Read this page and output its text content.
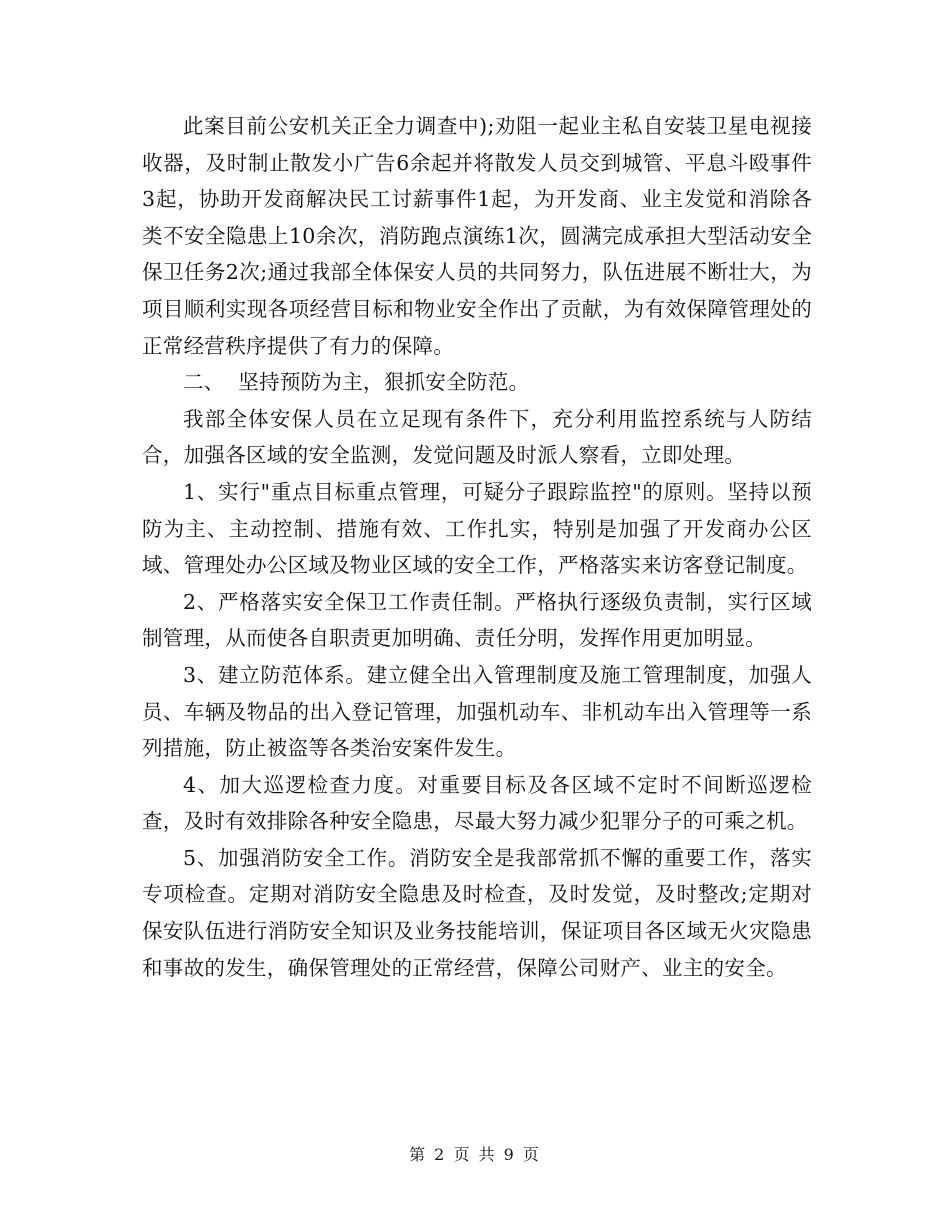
此案目前公安机关正全力调查中);劝阻一起业主私自安装卫星电视接收器，及时制止散发小广告6余起并将散发人员交到城管、平息斗殴事件3起，协助开发商解决民工讨薪事件1起，为开发商、业主发觉和消除各类不安全隐患上10余次，消防跑点演练1次，圆满完成承担大型活动安全保卫任务2次;通过我部全体保安人员的共同努力，队伍进展不断壮大，为项目顺利实现各项经营目标和物业安全作出了贡献，为有效保障管理处的正常经营秩序提供了有力的保障。

二、  坚持预防为主，狠抓安全防范。

我部全体安保人员在立足现有条件下，充分利用监控系统与人防结合，加强各区域的安全监测，发觉问题及时派人察看，立即处理。

1、实行"重点目标重点管理，可疑分子跟踪监控"的原则。坚持以预防为主、主动控制、措施有效、工作扎实，特别是加强了开发商办公区域、管理处办公区域及物业区域的安全工作，严格落实来访客登记制度。

2、严格落实安全保卫工作责任制。严格执行逐级负责制，实行区域制管理，从而使各自职责更加明确、责任分明，发挥作用更加明显。

3、建立防范体系。建立健全出入管理制度及施工管理制度，加强人员、车辆及物品的出入登记管理，加强机动车、非机动车出入管理等一系列措施，防止被盗等各类治安案件发生。

4、加大巡逻检查力度。对重要目标及各区域不定时不间断巡逻检查，及时有效排除各种安全隐患，尽最大努力减少犯罪分子的可乘之机。

5、加强消防安全工作。消防安全是我部常抓不懈的重要工作，落实专项检查。定期对消防安全隐患及时检查，及时发觉，及时整改;定期对保安队伍进行消防安全知识及业务技能培训，保证项目各区域无火灾隐患和事故的发生，确保管理处的正常经营，保障公司财产、业主的安全。

第 2 页 共 9 页
